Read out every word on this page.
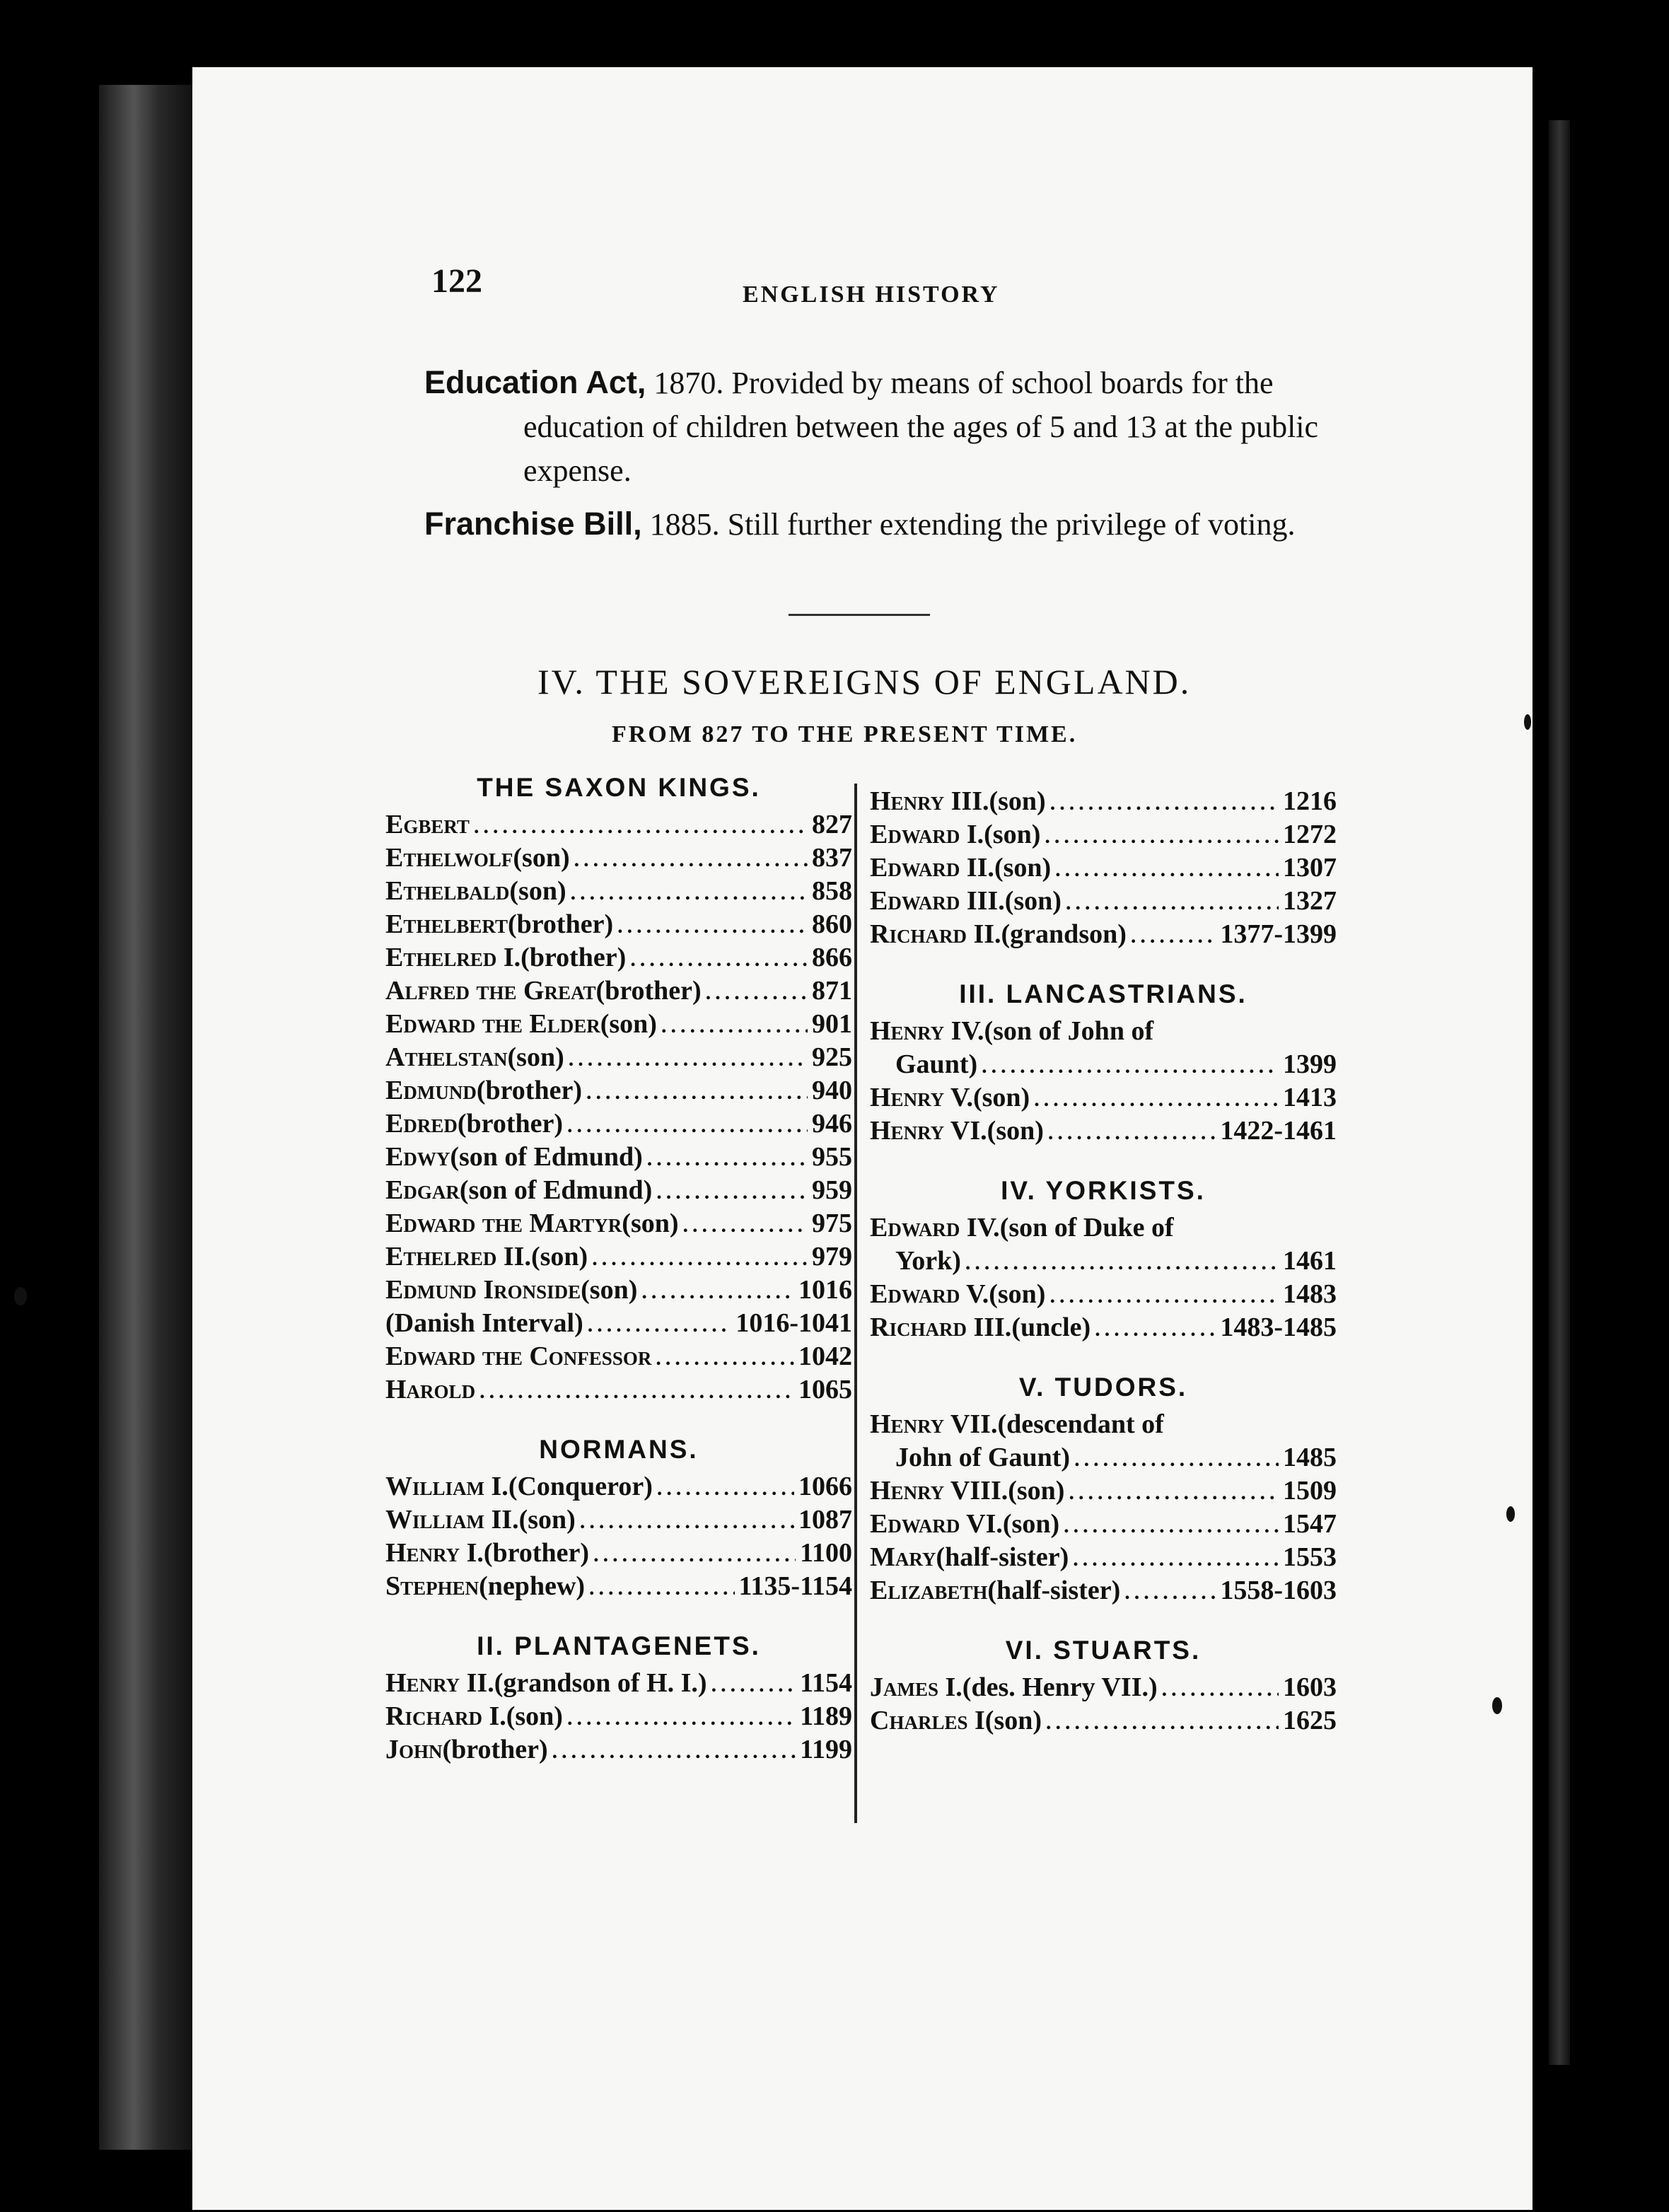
122	ENGLISH HISTORY
Education Act, 1870. Provided by means of school boards for the education of children between the ages of 5 and 13 at the public expense.
Franchise Bill, 1885. Still further extending the privilege of voting.
IV. THE SOVEREIGNS OF ENGLAND.
FROM 827 TO THE PRESENT TIME.
THE SAXON KINGS.
Egbert .....	827
Ethelwolf (son) .....	837
Ethelbald (son) .....	858
Ethelbert (brother) .....	860
Ethelred I. (brother) .....	866
Alfred the Great (brother) .....	871
Edward the Elder (son) .....	901
Athelstan (son) .....	925
Edmund (brother) .....	940
Edred (brother) .....	946
Edwy (son of Edmund) .....	955
Edgar (son of Edmund) .....	959
Edward the Martyr (son) .....	975
Ethelred II. (son) .....	979
Edmund Ironside (son) .....	1016
(Danish Interval) .....	1016-1041
Edward the Confessor .....	1042
Harold .....	1065
NORMANS.
William I. (Conqueror) .....	1066
William II. (son) .....	1087
Henry I. (brother) .....	1100
Stephen (nephew) .....	1135-1154
II. PLANTAGENETS.
Henry II. (grandson of H. I.) .....	1154
Richard I. (son) .....	1189
John (brother) .....	1199
Henry III. (son) .....	1216
Edward I. (son) .....	1272
Edward II. (son) .....	1307
Edward III. (son) .....	1327
Richard II. (grandson) .....	1377-1399
III. LANCASTRIANS.
Henry IV. (son of John of
Gaunt) .....	1399
Henry V. (son) .....	1413
Henry VI. (son) .....	1422-1461
IV. YORKISTS.
Edward IV. (son of Duke of
York) .....	1461
Edward V. (son) .....	1483
Richard III. (uncle) .....	1483-1485
V. TUDORS.
Henry VII. (descendant of
John of Gaunt) .....	1485
Henry VIII. (son) .....	1509
Edward VI. (son) .....	1547
Mary (half-sister) .....	1553
Elizabeth (half-sister) .....	1558-1603
VI. STUARTS.
James I. (des. Henry VII.) .....	1603
Charles I (son) .....	1625
